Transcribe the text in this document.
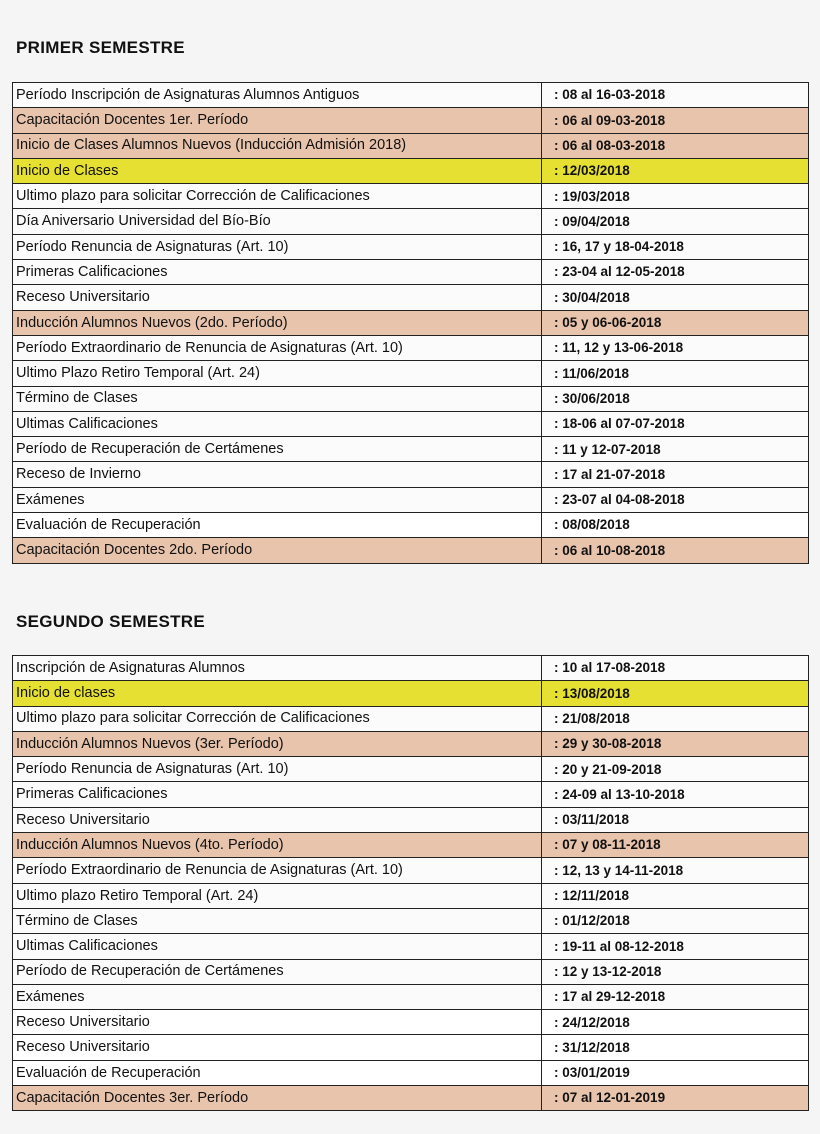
PRIMER SEMESTRE
Período Inscripción de Asignaturas Alumnos Antiguos	: 08 al 16-03-2018
Capacitación Docentes 1er. Período	: 06 al 09-03-2018
Inicio de Clases Alumnos Nuevos (Inducción Admisión 2018)	: 06 al 08-03-2018
Inicio de Clases	: 12/03/2018
Ultimo plazo para solicitar Corrección de Calificaciones	: 19/03/2018
Día Aniversario Universidad del Bío-Bío	: 09/04/2018
Período Renuncia de Asignaturas (Art. 10)	: 16, 17 y 18-04-2018
Primeras Calificaciones	: 23-04 al 12-05-2018
Receso Universitario	: 30/04/2018
Inducción Alumnos Nuevos (2do. Período)	: 05 y 06-06-2018
Período Extraordinario de Renuncia de Asignaturas (Art. 10)	: 11, 12 y 13-06-2018
Ultimo Plazo Retiro Temporal (Art. 24)	: 11/06/2018
Término de Clases	: 30/06/2018
Ultimas Calificaciones	: 18-06 al 07-07-2018
Período de Recuperación de Certámenes	: 11 y 12-07-2018
Receso de Invierno	: 17 al 21-07-2018
Exámenes	: 23-07 al 04-08-2018
Evaluación de Recuperación	: 08/08/2018
Capacitación Docentes 2do. Período	: 06 al 10-08-2018
SEGUNDO SEMESTRE
Inscripción de Asignaturas Alumnos	: 10 al 17-08-2018
Inicio de clases	: 13/08/2018
Ultimo plazo para solicitar Corrección de Calificaciones	: 21/08/2018
Inducción Alumnos Nuevos (3er. Período)	: 29 y 30-08-2018
Período Renuncia de Asignaturas (Art. 10)	: 20 y 21-09-2018
Primeras Calificaciones	: 24-09 al 13-10-2018
Receso Universitario	: 03/11/2018
Inducción Alumnos Nuevos (4to. Período)	: 07 y 08-11-2018
Período Extraordinario de Renuncia de Asignaturas (Art. 10)	: 12, 13 y 14-11-2018
Ultimo plazo Retiro Temporal (Art. 24)	: 12/11/2018
Término de Clases	: 01/12/2018
Ultimas Calificaciones	: 19-11 al 08-12-2018
Período de Recuperación de Certámenes	: 12 y 13-12-2018
Exámenes	: 17 al 29-12-2018
Receso Universitario	: 24/12/2018
Receso Universitario	: 31/12/2018
Evaluación de Recuperación	: 03/01/2019
Capacitación Docentes 3er. Período	: 07 al 12-01-2019
